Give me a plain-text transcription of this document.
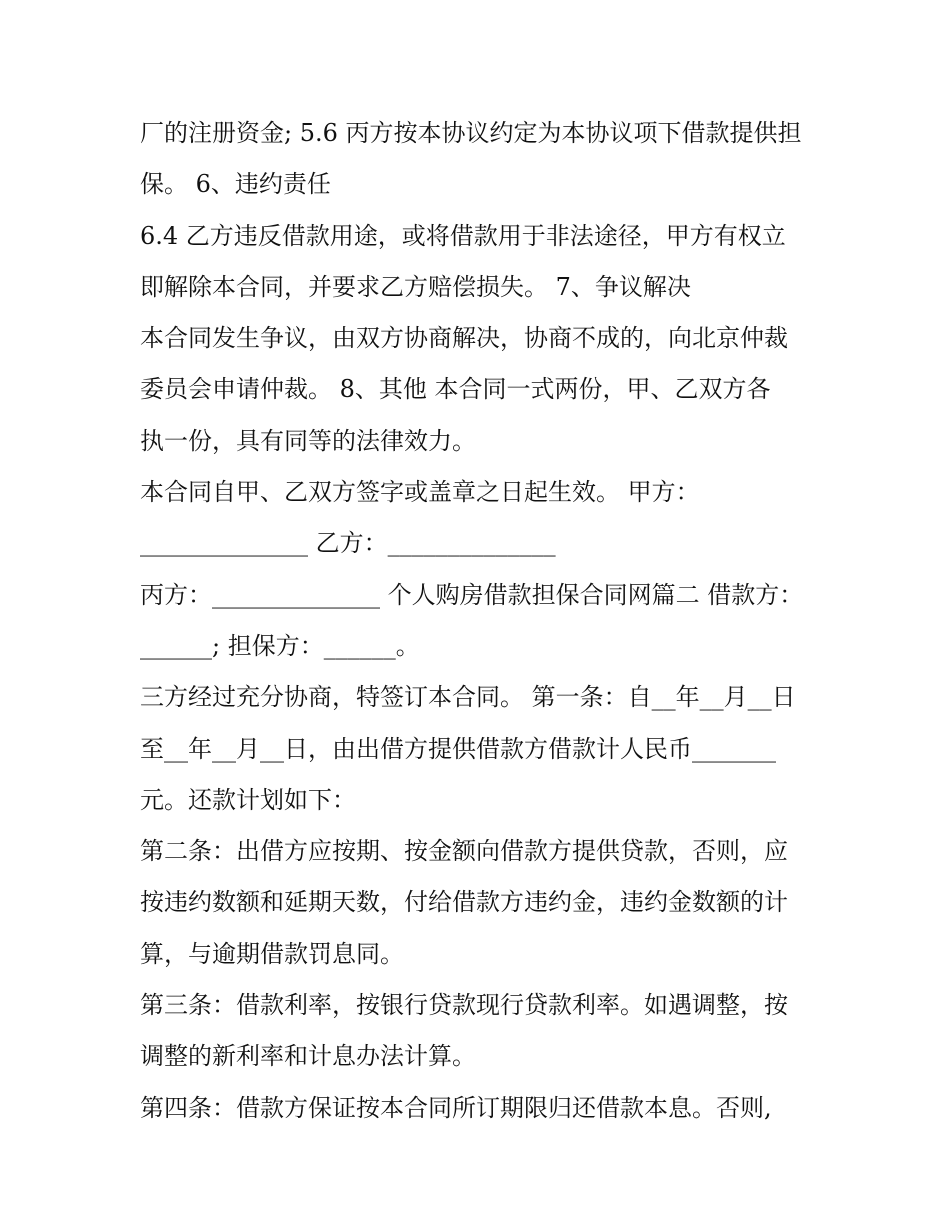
厂的注册资金; 5.6 丙方按本协议约定为本协议项下借款提供担
保。 6、违约责任
6.4 乙方违反借款用途，或将借款用于非法途径，甲方有权立
即解除本合同，并要求乙方赔偿损失。 7、争议解决
本合同发生争议，由双方协商解决，协商不成的，向北京仲裁
委员会申请仲裁。 8、其他 本合同一式两份，甲、乙双方各
执一份，具有同等的法律效力。
本合同自甲、乙双方签字或盖章之日起生效。 甲方：
______________ 乙方：______________
丙方：______________ 个人购房借款担保合同网篇二 借款方：
______; 担保方：______。
三方经过充分协商，特签订本合同。 第一条：自__年__月__日
至__年__月__日，由出借方提供借款方借款计人民币_______
元。还款计划如下：
第二条：出借方应按期、按金额向借款方提供贷款，否则，应
按违约数额和延期天数，付给借款方违约金，违约金数额的计
算，与逾期借款罚息同。
第三条：借款利率，按银行贷款现行贷款利率。如遇调整，按
调整的新利率和计息办法计算。
第四条：借款方保证按本合同所订期限归还借款本息。否则,
